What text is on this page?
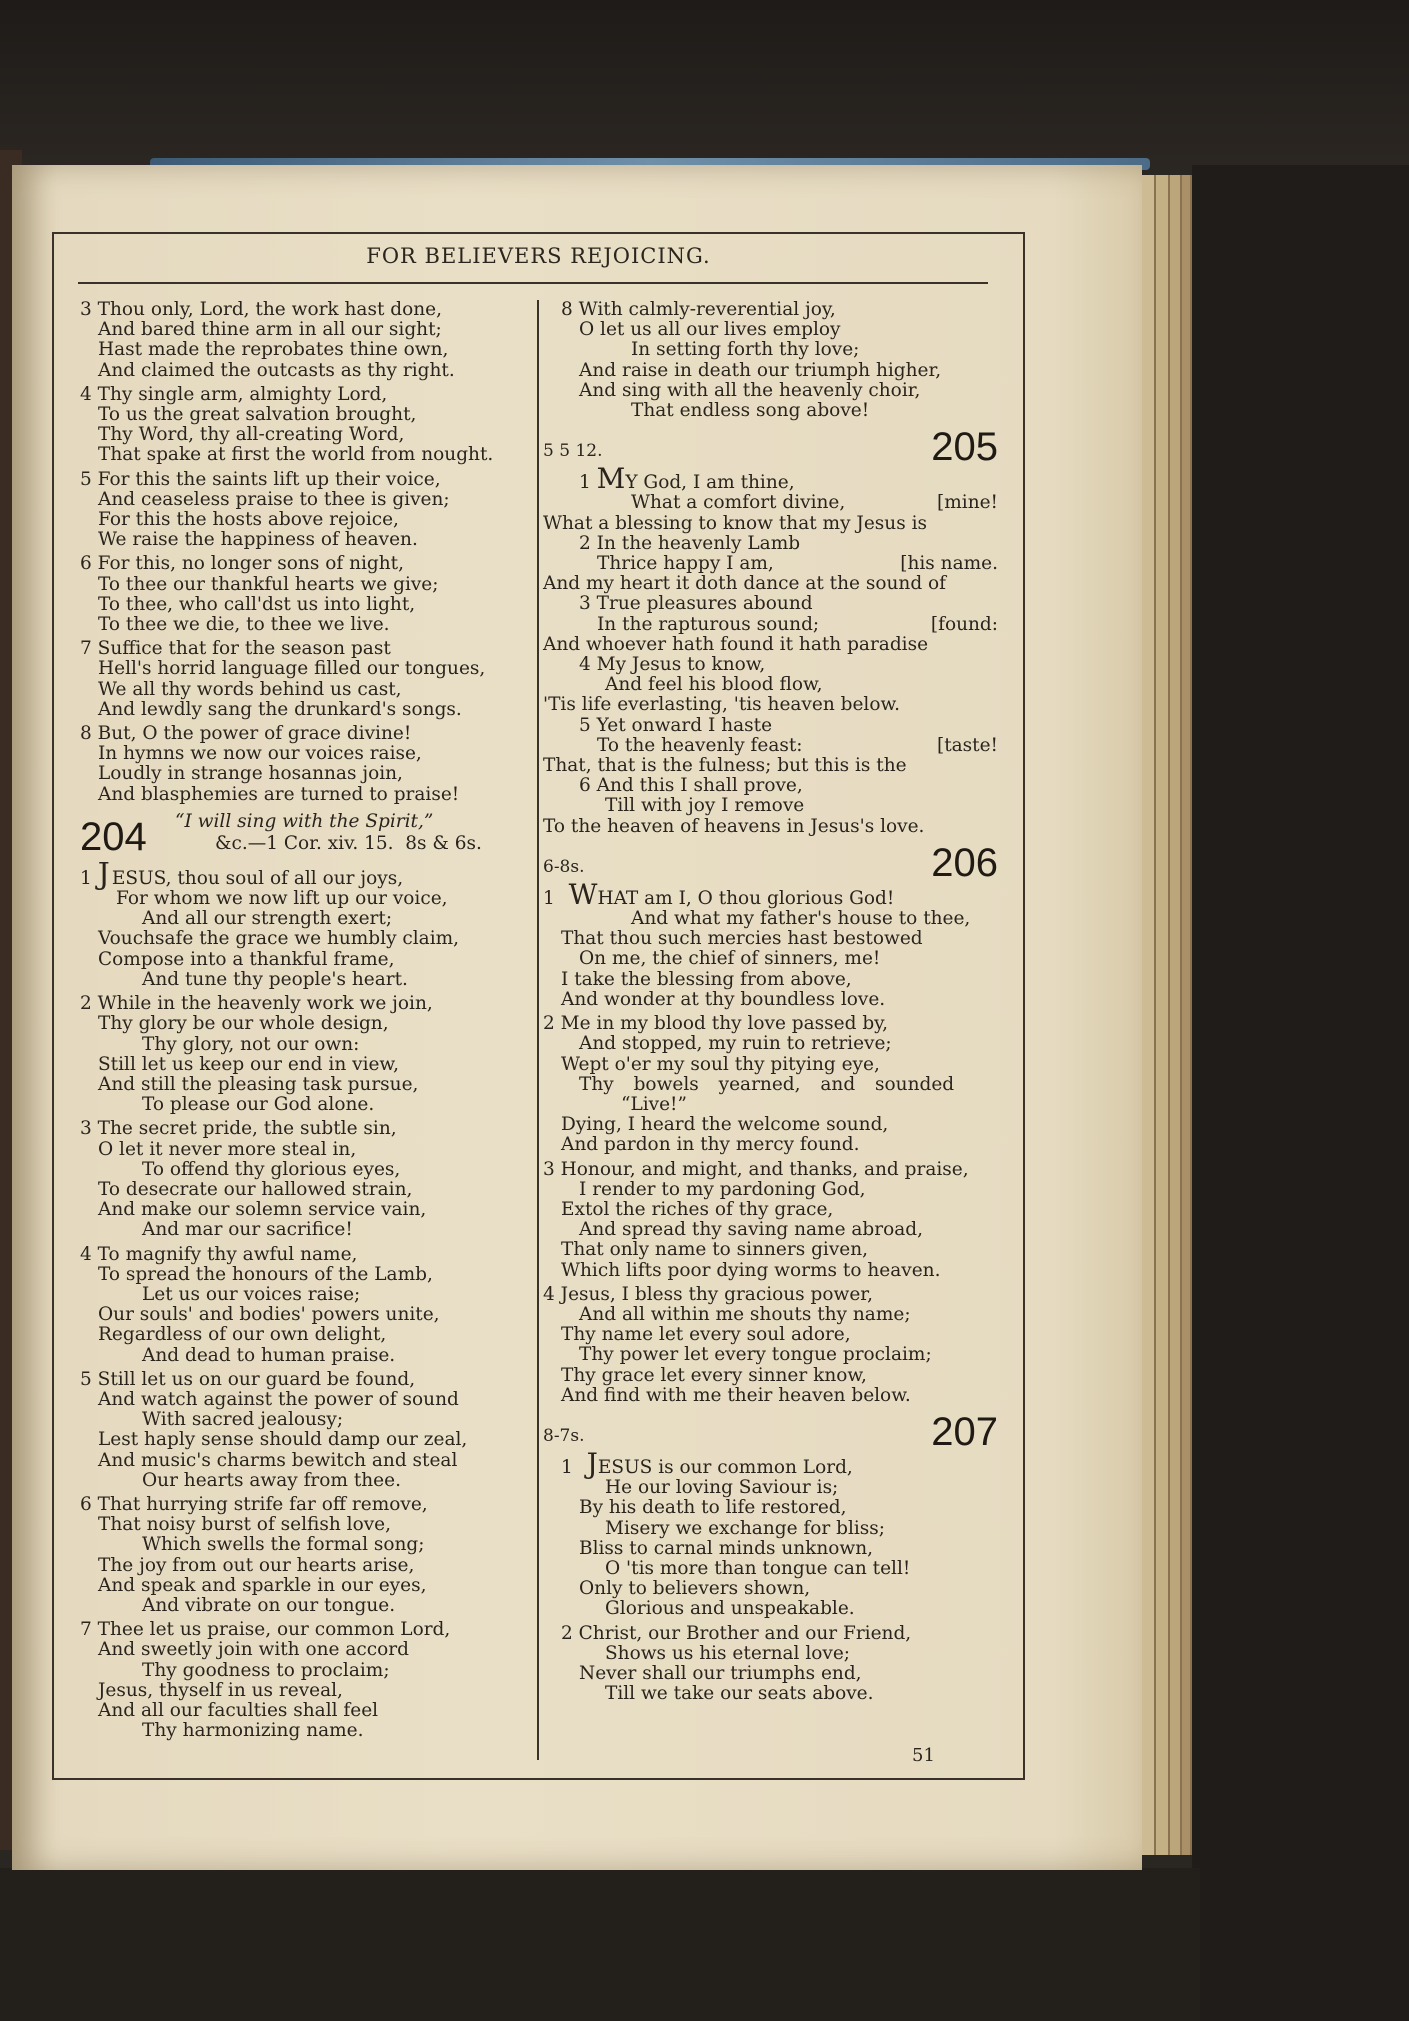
FOR BELIEVERS REJOICING.
3 Thou only, Lord, the work hast done,
And bared thine arm in all our sight;
Hast made the reprobates thine own,
And claimed the outcasts as thy right.
4 Thy single arm, almighty Lord,
To us the great salvation brought,
Thy Word, thy all-creating Word,
That spake at first the world from nought.
5 For this the saints lift up their voice,
And ceaseless praise to thee is given;
For this the hosts above rejoice,
We raise the happiness of heaven.
6 For this, no longer sons of night,
To thee our thankful hearts we give;
To thee, who call'dst us into light,
To thee we die, to thee we live.
7 Suffice that for the season past
Hell's horrid language filled our tongues,
We all thy words behind us cast,
And lewdly sang the drunkard's songs.
8 But, O the power of grace divine!
In hymns we now our voices raise,
Loudly in strange hosannas join,
And blasphemies are turned to praise!
204 “I will sing with the Spirit,”
&c.—1 Cor. xiv. 15. 8s & 6s.
1 J ESUS, thou soul of all our joys,
For whom we now lift up our voice,
And all our strength exert;
Vouchsafe the grace we humbly claim,
Compose into a thankful frame,
And tune thy people's heart.
2 While in the heavenly work we join,
Thy glory be our whole design,
Thy glory, not our own:
Still let us keep our end in view,
And still the pleasing task pursue,
To please our God alone.
3 The secret pride, the subtle sin,
O let it never more steal in,
To offend thy glorious eyes,
To desecrate our hallowed strain,
And make our solemn service vain,
And mar our sacrifice!
4 To magnify thy awful name,
To spread the honours of the Lamb,
Let us our voices raise;
Our souls' and bodies' powers unite,
Regardless of our own delight,
And dead to human praise.
5 Still let us on our guard be found,
And watch against the power of sound
With sacred jealousy;
Lest haply sense should damp our zeal,
And music's charms bewitch and steal
Our hearts away from thee.
6 That hurrying strife far off remove,
That noisy burst of selfish love,
Which swells the formal song;
The joy from out our hearts arise,
And speak and sparkle in our eyes,
And vibrate on our tongue.
7 Thee let us praise, our common Lord,
And sweetly join with one accord
Thy goodness to proclaim;
Jesus, thyself in us reveal,
And all our faculties shall feel
Thy harmonizing name.
8 With calmly-reverential joy,
O let us all our lives employ
In setting forth thy love;
And raise in death our triumph higher,
And sing with all the heavenly choir,
That endless song above!
5 5 12.	205
1 MY God, I am thine,
What a comfort divine,	[mine!
What a blessing to know that my Jesus is
2 In the heavenly Lamb
Thrice happy I am,	[his name.
And my heart it doth dance at the sound of
3 True pleasures abound
In the rapturous sound;	[found:
And whoever hath found it hath paradise
4 My Jesus to know,
And feel his blood flow,
'Tis life everlasting, 'tis heaven below.
5 Yet onward I haste
To the heavenly feast:	[taste!
That, that is the fulness; but this is the
6 And this I shall prove,
Till with joy I remove
To the heaven of heavens in Jesus's love.
6-8s.	206
1 WHAT am I, O thou glorious God!
And what my father's house to thee,
That thou such mercies hast bestowed
On me, the chief of sinners, me!
I take the blessing from above,
And wonder at thy boundless love.
2 Me in my blood thy love passed by,
And stopped, my ruin to retrieve;
Wept o'er my soul thy pitying eye,
Thy bowels yearned, and sounded
“Live!”
Dying, I heard the welcome sound,
And pardon in thy mercy found.
3 Honour, and might, and thanks, and praise,
I render to my pardoning God,
Extol the riches of thy grace,
And spread thy saving name abroad,
That only name to sinners given,
Which lifts poor dying worms to heaven.
4 Jesus, I bless thy gracious power,
And all within me shouts thy name;
Thy name let every soul adore,
Thy power let every tongue proclaim;
Thy grace let every sinner know,
And find with me their heaven below.
8-7s.	207
1 JESUS is our common Lord,
He our loving Saviour is;
By his death to life restored,
Misery we exchange for bliss;
Bliss to carnal minds unknown,
O 'tis more than tongue can tell!
Only to believers shown,
Glorious and unspeakable.
2 Christ, our Brother and our Friend,
Shows us his eternal love;
Never shall our triumphs end,
Till we take our seats above.
51
